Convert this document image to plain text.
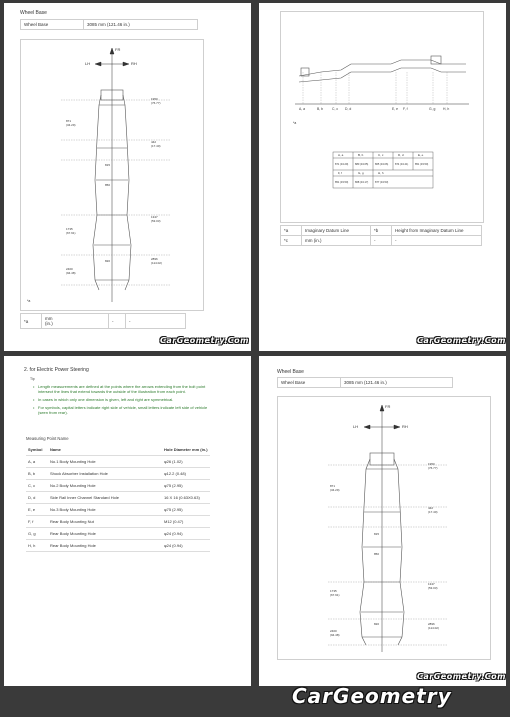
Wheel Base
Wheel Base	3085 mm (121.46 in.)
FR
LH	RH
871
(34.29)
1735
(67.91)
2400
(94.48)
1950
(76.77)
442
(17.40)
1347
(53.03)
2896
(114.02)
815
850
820
*a
*a	mm
(in.)	-	-
CarGeometry.Com
A, a	B, b	C, c D, d	E, e F, f	G, g H, h
*a
A, a	B, b	C, c	D, d	E, e
871 (34.29)	880 (34.65)	865 (34.06)	874 (34.41)	851 (33.50)
F, f	G, g	H, h
851 (33.50)	868 (34.17)	877 (34.53)
*a	Imaginary Datum Line	*b	Height from Imaginary Datum Line
*c	mm (in.)	-	-
CarGeometry.Com
2. for Electric Power Steering
Tip
• Length measurements are defined at the points where the arrows extending from the bolt point intersect the lines that extend towards the outside of the illustration from each point.
• In cases in which only one dimension is given, left and right are symmetrical.
• For symbols, capital letters indicate right side of vehicle, small letters indicate left side of vehicle (seen from rear).
Measuring Point Name
Symbol	Name	Hole Diameter mm (in.)
A, a	No.1 Body Mounting Hole	φ26 (1.02)
B, b	Shock Absorber Installation Hole	φ12.2 (0.48)
C, c	No.2 Body Mounting Hole	φ75 (2.95)
D, d	Side Rail Inner Channel Standard Hole	16 X 16 (0.63X0.63)
E, e	No.3 Body Mounting Hole	φ75 (2.95)
F, f	Rear Body Mounting Nut	M12 (0.47)
G, g	Rear Body Mounting Hole	φ24 (0.94)
H, h	Rear Body Mounting Hole	φ24 (0.94)
Wheel Base
Wheel Base	3085 mm (121.46 in.)
FR
LH	RH
871
(34.29)
1735
(67.91)
2400
(94.48)
1950
(76.77)
442
(17.40)
1347
(53.03)
2896
(114.02)
815
850
820
CarGeometry.Com
CarGeometry
